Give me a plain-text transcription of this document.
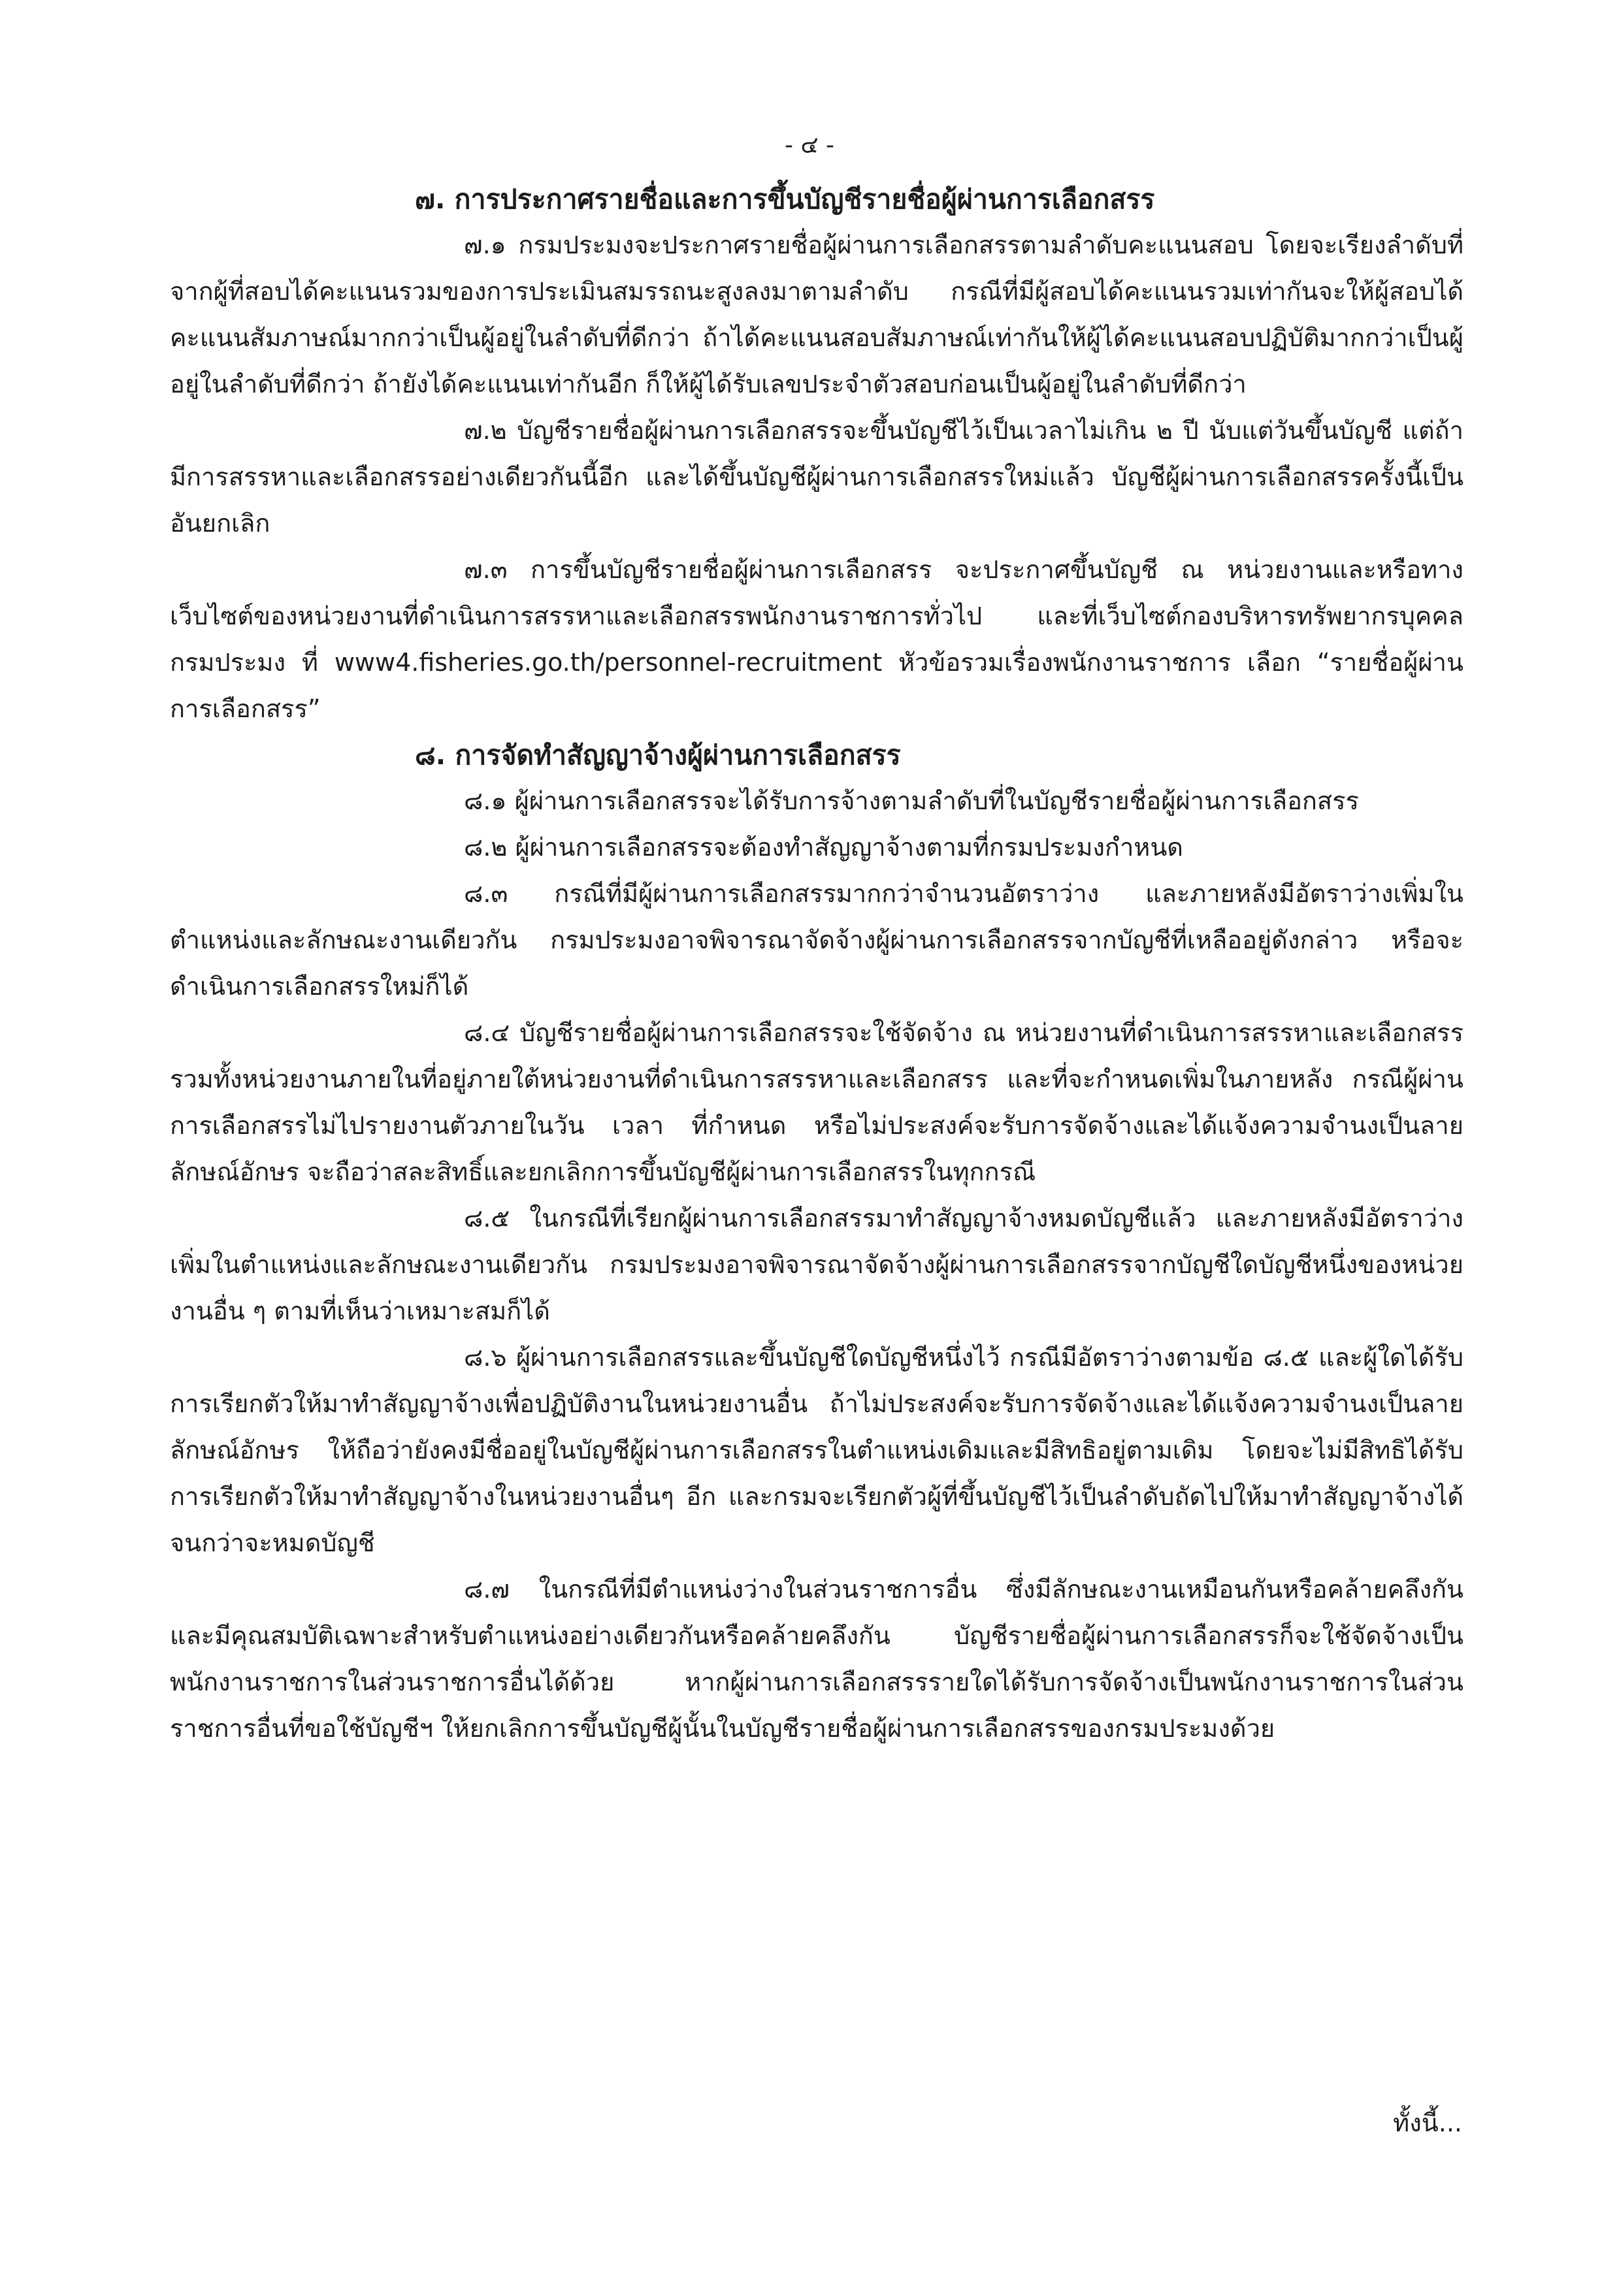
- ๔ -

๗. การประกาศรายชื่อและการขึ้นบัญชีรายชื่อผู้ผ่านการเลือกสรร

๗.๑ กรมประมงจะประกาศรายชื่อผู้ผ่านการเลือกสรรตามลำดับคะแนนสอบ โดยจะเรียงลำดับที่จากผู้ที่สอบได้คะแนนรวมของการประเมินสมรรถนะสูงลงมาตามลำดับ กรณีที่มีผู้สอบได้คะแนนรวมเท่ากันจะให้ผู้สอบได้คะแนนสัมภาษณ์มากกว่าเป็นผู้อยู่ในลำดับที่ดีกว่า ถ้าได้คะแนนสอบสัมภาษณ์เท่ากันให้ผู้ได้คะแนนสอบปฏิบัติมากกว่าเป็นผู้อยู่ในลำดับที่ดีกว่า ถ้ายังได้คะแนนเท่ากันอีก ก็ให้ผู้ได้รับเลขประจำตัวสอบก่อนเป็นผู้อยู่ในลำดับที่ดีกว่า

๗.๒ บัญชีรายชื่อผู้ผ่านการเลือกสรรจะขึ้นบัญชีไว้เป็นเวลาไม่เกิน ๒ ปี นับแต่วันขึ้นบัญชี แต่ถ้ามีการสรรหาและเลือกสรรอย่างเดียวกันนี้อีก และได้ขึ้นบัญชีผู้ผ่านการเลือกสรรใหม่แล้ว บัญชีผู้ผ่านการเลือกสรรครั้งนี้เป็นอันยกเลิก

๗.๓ การขึ้นบัญชีรายชื่อผู้ผ่านการเลือกสรร จะประกาศขึ้นบัญชี ณ หน่วยงานและหรือทางเว็บไซต์ของหน่วยงานที่ดำเนินการสรรหาและเลือกสรรพนักงานราชการทั่วไป และที่เว็บไซต์กองบริหารทรัพยากรบุคคล กรมประมง ที่ www4.fisheries.go.th/personnel-recruitment หัวข้อรวมเรื่องพนักงานราชการ เลือก “รายชื่อผู้ผ่านการเลือกสรร”

๘. การจัดทำสัญญาจ้างผู้ผ่านการเลือกสรร

๘.๑ ผู้ผ่านการเลือกสรรจะได้รับการจ้างตามลำดับที่ในบัญชีรายชื่อผู้ผ่านการเลือกสรร

๘.๒ ผู้ผ่านการเลือกสรรจะต้องทำสัญญาจ้างตามที่กรมประมงกำหนด

๘.๓ กรณีที่มีผู้ผ่านการเลือกสรรมากกว่าจำนวนอัตราว่าง และภายหลังมีอัตราว่างเพิ่มในตำแหน่งและลักษณะงานเดียวกัน กรมประมงอาจพิจารณาจัดจ้างผู้ผ่านการเลือกสรรจากบัญชีที่เหลืออยู่ดังกล่าว หรือจะดำเนินการเลือกสรรใหม่ก็ได้

๘.๔ บัญชีรายชื่อผู้ผ่านการเลือกสรรจะใช้จัดจ้าง ณ หน่วยงานที่ดำเนินการสรรหาและเลือกสรร รวมทั้งหน่วยงานภายในที่อยู่ภายใต้หน่วยงานที่ดำเนินการสรรหาและเลือกสรร และที่จะกำหนดเพิ่มในภายหลัง กรณีผู้ผ่านการเลือกสรรไม่ไปรายงานตัวภายในวัน เวลา ที่กำหนด หรือไม่ประสงค์จะรับการจัดจ้างและได้แจ้งความจำนงเป็นลายลักษณ์อักษร จะถือว่าสละสิทธิ์และยกเลิกการขึ้นบัญชีผู้ผ่านการเลือกสรรในทุกกรณี

๘.๕ ในกรณีที่เรียกผู้ผ่านการเลือกสรรมาทำสัญญาจ้างหมดบัญชีแล้ว และภายหลังมีอัตราว่างเพิ่มในตำแหน่งและลักษณะงานเดียวกัน กรมประมงอาจพิจารณาจัดจ้างผู้ผ่านการเลือกสรรจากบัญชีใดบัญชีหนึ่งของหน่วยงานอื่น ๆ ตามที่เห็นว่าเหมาะสมก็ได้

๘.๖ ผู้ผ่านการเลือกสรรและขึ้นบัญชีใดบัญชีหนึ่งไว้ กรณีมีอัตราว่างตามข้อ ๘.๕ และผู้ใดได้รับการเรียกตัวให้มาทำสัญญาจ้างเพื่อปฏิบัติงานในหน่วยงานอื่น ถ้าไม่ประสงค์จะรับการจัดจ้างและได้แจ้งความจำนงเป็นลายลักษณ์อักษร ให้ถือว่ายังคงมีชื่ออยู่ในบัญชีผู้ผ่านการเลือกสรรในตำแหน่งเดิมและมีสิทธิอยู่ตามเดิม โดยจะไม่มีสิทธิได้รับการเรียกตัวให้มาทำสัญญาจ้างในหน่วยงานอื่นๆ อีก และกรมจะเรียกตัวผู้ที่ขึ้นบัญชีไว้เป็นลำดับถัดไปให้มาทำสัญญาจ้างได้จนกว่าจะหมดบัญชี

๘.๗ ในกรณีที่มีตำแหน่งว่างในส่วนราชการอื่น ซึ่งมีลักษณะงานเหมือนกันหรือคล้ายคลึงกัน และมีคุณสมบัติเฉพาะสำหรับตำแหน่งอย่างเดียวกันหรือคล้ายคลึงกัน บัญชีรายชื่อผู้ผ่านการเลือกสรรก็จะใช้จัดจ้างเป็นพนักงานราชการในส่วนราชการอื่นได้ด้วย หากผู้ผ่านการเลือกสรรรายใดได้รับการจัดจ้างเป็นพนักงานราชการในส่วนราชการอื่นที่ขอใช้บัญชีฯ ให้ยกเลิกการขึ้นบัญชีผู้นั้นในบัญชีรายชื่อผู้ผ่านการเลือกสรรของกรมประมงด้วย

ทั้งนี้...
